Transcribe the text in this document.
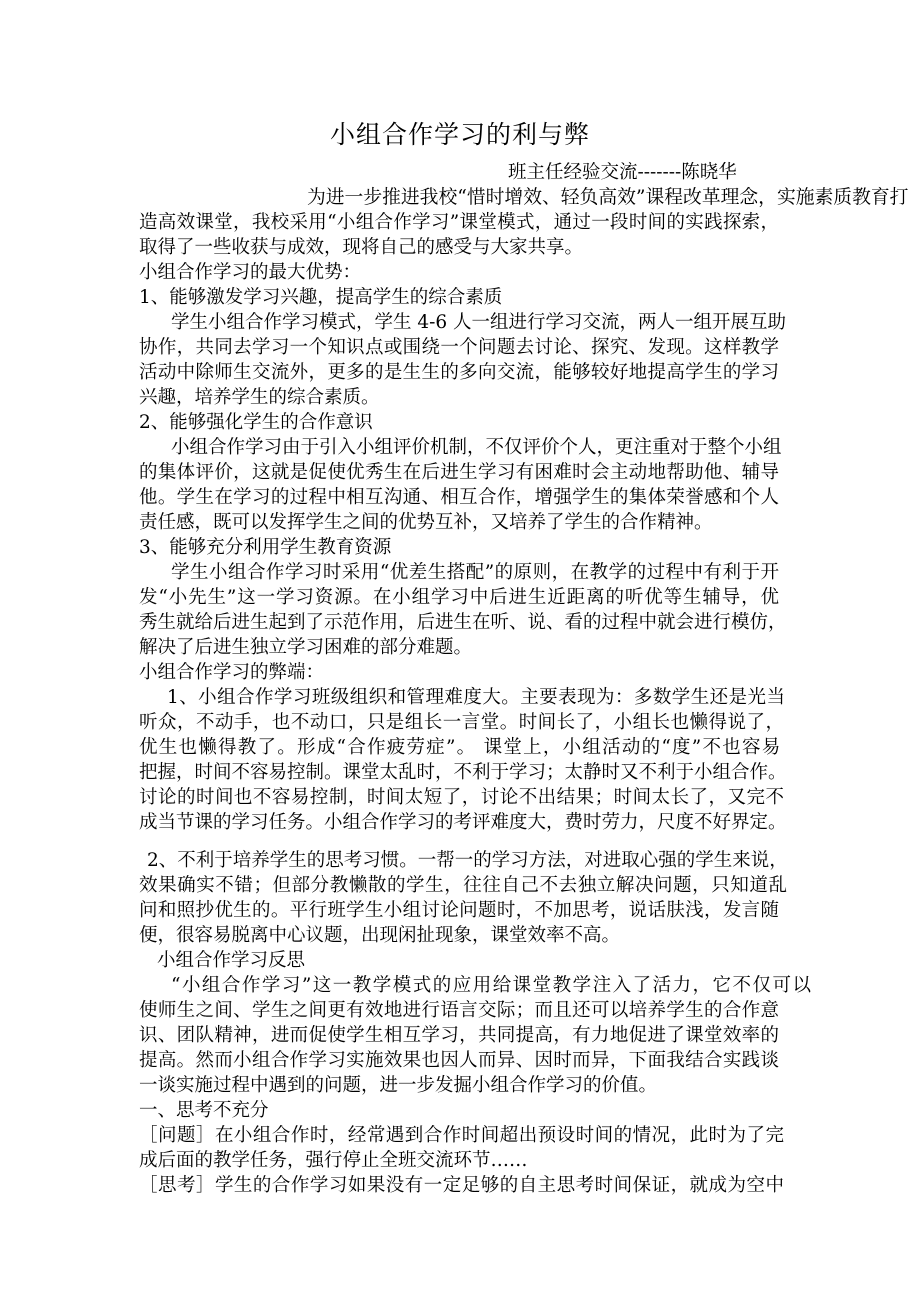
小组合作学习的利与弊
班主任经验交流-------陈晓华
为进一步推进我校“惜时增效、轻负高效”课程改革理念，实施素质教育打
造高效课堂，我校采用“小组合作学习”课堂模式，通过一段时间的实践探索，
取得了一些收获与成效，现将自己的感受与大家共享。
小组合作学习的最大优势：
1、能够激发学习兴趣，提高学生的综合素质
学生小组合作学习模式，学生 4-6 人一组进行学习交流，两人一组开展互助
协作，共同去学习一个知识点或围绕一个问题去讨论、探究、发现。这样教学
活动中除师生交流外，更多的是生生的多向交流，能够较好地提高学生的学习
兴趣，培养学生的综合素质。
2、能够强化学生的合作意识
小组合作学习由于引入小组评价机制，不仅评价个人，更注重对于整个小组
的集体评价，这就是促使优秀生在后进生学习有困难时会主动地帮助他、辅导
他。学生在学习的过程中相互沟通、相互合作，增强学生的集体荣誉感和个人
责任感，既可以发挥学生之间的优势互补，又培养了学生的合作精神。
3、能够充分利用学生教育资源
学生小组合作学习时采用“优差生搭配”的原则，在教学的过程中有利于开
发“小先生”这一学习资源。在小组学习中后进生近距离的听优等生辅导，优
秀生就给后进生起到了示范作用，后进生在听、说、看的过程中就会进行模仿，
解决了后进生独立学习困难的部分难题。
小组合作学习的弊端：
1、小组合作学习班级组织和管理难度大。主要表现为：多数学生还是光当
听众，不动手，也不动口，只是组长一言堂。时间长了，小组长也懒得说了，
优生也懒得教了。形成“合作疲劳症”。 课堂上，小组活动的“度”不也容易
把握，时间不容易控制。课堂太乱时，不利于学习；太静时又不利于小组合作。
讨论的时间也不容易控制，时间太短了，讨论不出结果；时间太长了，又完不
成当节课的学习任务。小组合作学习的考评难度大，费时劳力，尺度不好界定。
2、不利于培养学生的思考习惯。一帮一的学习方法，对进取心强的学生来说，
效果确实不错；但部分教懒散的学生，往往自己不去独立解决问题，只知道乱
问和照抄优生的。平行班学生小组讨论问题时，不加思考，说话肤浅，发言随
便，很容易脱离中心议题，出现闲扯现象，课堂效率不高。
小组合作学习反思
“小组合作学习”这一教学模式的应用给课堂教学注入了活力，它不仅可以
使师生之间、学生之间更有效地进行语言交际；而且还可以培养学生的合作意
识、团队精神，进而促使学生相互学习，共同提高，有力地促进了课堂效率的
提高。然而小组合作学习实施效果也因人而异、因时而异，下面我结合实践谈
一谈实施过程中遇到的问题，进一步发掘小组合作学习的价值。
一、思考不充分
［问题］在小组合作时，经常遇到合作时间超出预设时间的情况，此时为了完
成后面的教学任务，强行停止全班交流环节……
［思考］学生的合作学习如果没有一定足够的自主思考时间保证，就成为空中
